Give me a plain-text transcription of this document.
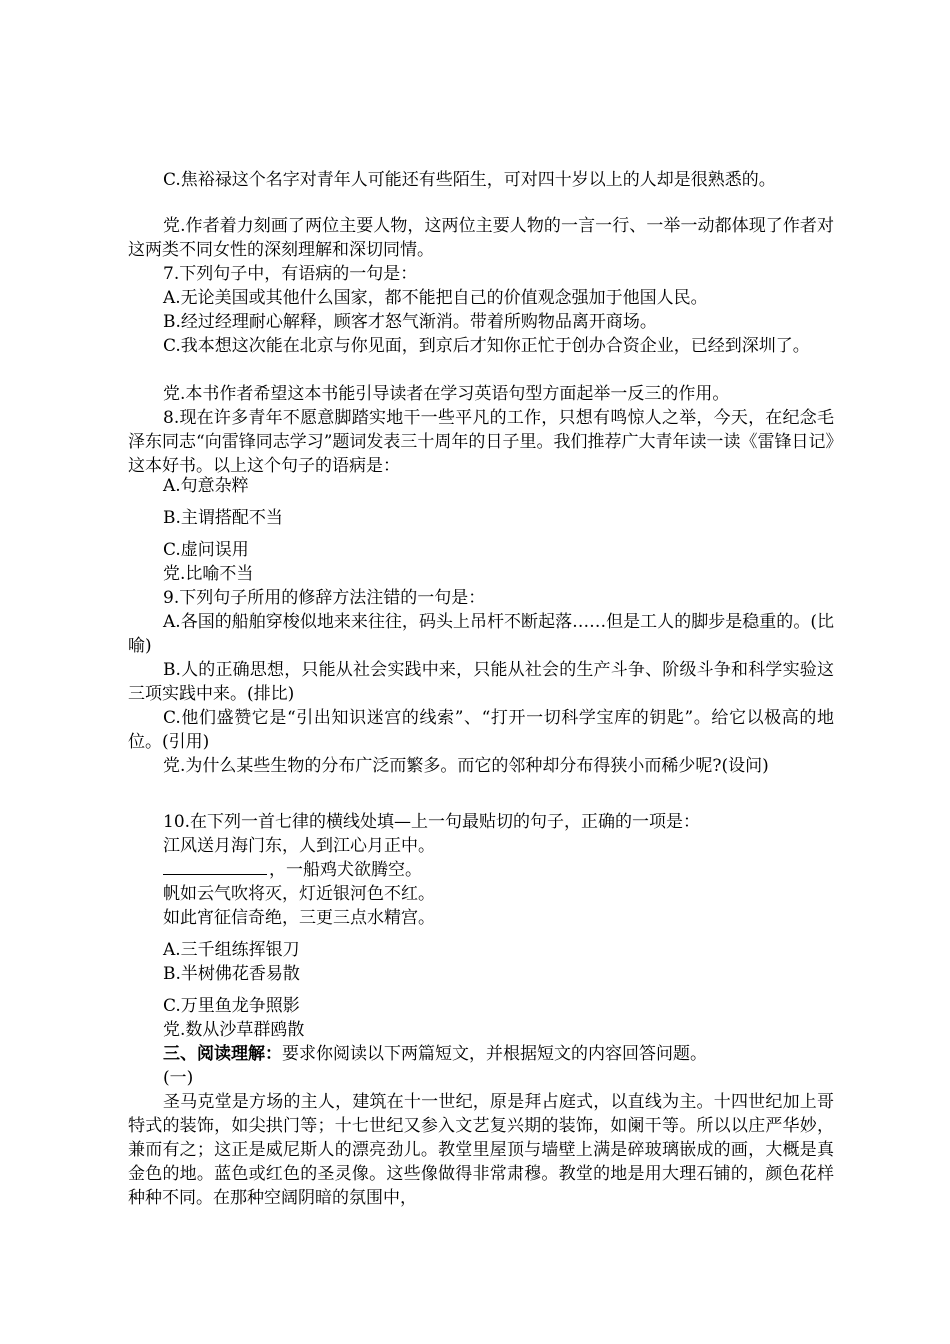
C.焦裕禄这个名字对青年人可能还有些陌生，可对四十岁以上的人却是很熟悉的。

党.作者着力刻画了两位主要人物，这两位主要人物的一言一行、一举一动都体现了作者对这两类不同女性的深刻理解和深切同情。

7.下列句子中，有语病的一句是：

A.无论美国或其他什么国家，都不能把自己的价值观念强加于他国人民。

B.经过经理耐心解释，顾客才怒气渐消。带着所购物品离开商场。

C.我本想这次能在北京与你见面，到京后才知你正忙于创办合资企业，已经到深圳了。

党.本书作者希望这本书能引导读者在学习英语句型方面起举一反三的作用。

8.现在许多青年不愿意脚踏实地干一些平凡的工作，只想有鸣惊人之举，今天，在纪念毛泽东同志“向雷锋同志学习”题词发表三十周年的日子里。我们推荐广大青年读一读《雷锋日记》这本好书。以上这个句子的语病是：

A.句意杂粹

B.主谓搭配不当

C.虚问误用

党.比喻不当

9.下列句子所用的修辞方法注错的一句是：

A.各国的船舶穿梭似地来来往往，码头上吊杆不断起落……但是工人的脚步是稳重的。(比喻)

B.人的正确思想，只能从社会实践中来，只能从社会的生产斗争、阶级斗争和科学实验这三项实践中来。(排比)

C.他们盛赞它是“引出知识迷宫的线索”、“打开一切科学宝库的钥匙”。给它以极高的地位。(引用)

党.为什么某些生物的分布广泛而繁多。而它的邻种却分布得狭小而稀少呢?(设问)

10.在下列一首七律的横线处填—上一句最贴切的句子，正确的一项是：

江风送月海门东，人到江心月正中。

，一船鸡犬欲腾空。

帆如云气吹将灭，灯近银河色不红。

如此宵征信奇绝，三更三点水精宫。

A.三千组练挥银刀

B.半树佛花香易散

C.万里鱼龙争照影

党.数从沙草群鸥散

三、阅读理解：要求你阅读以下两篇短文，并根据短文的内容回答问题。

(一)

圣马克堂是方场的主人，建筑在十一世纪，原是拜占庭式，以直线为主。十四世纪加上哥特式的装饰，如尖拱门等；十七世纪又参入文艺复兴期的装饰，如阑干等。所以以庄严华妙，兼而有之；这正是威尼斯人的漂亮劲儿。教堂里屋顶与墙壁上满是碎玻璃嵌成的画，大概是真金色的地。蓝色或红色的圣灵像。这些像做得非常肃穆。教堂的地是用大理石铺的，颜色花样种种不同。在那种空阔阴暗的氛围中，
